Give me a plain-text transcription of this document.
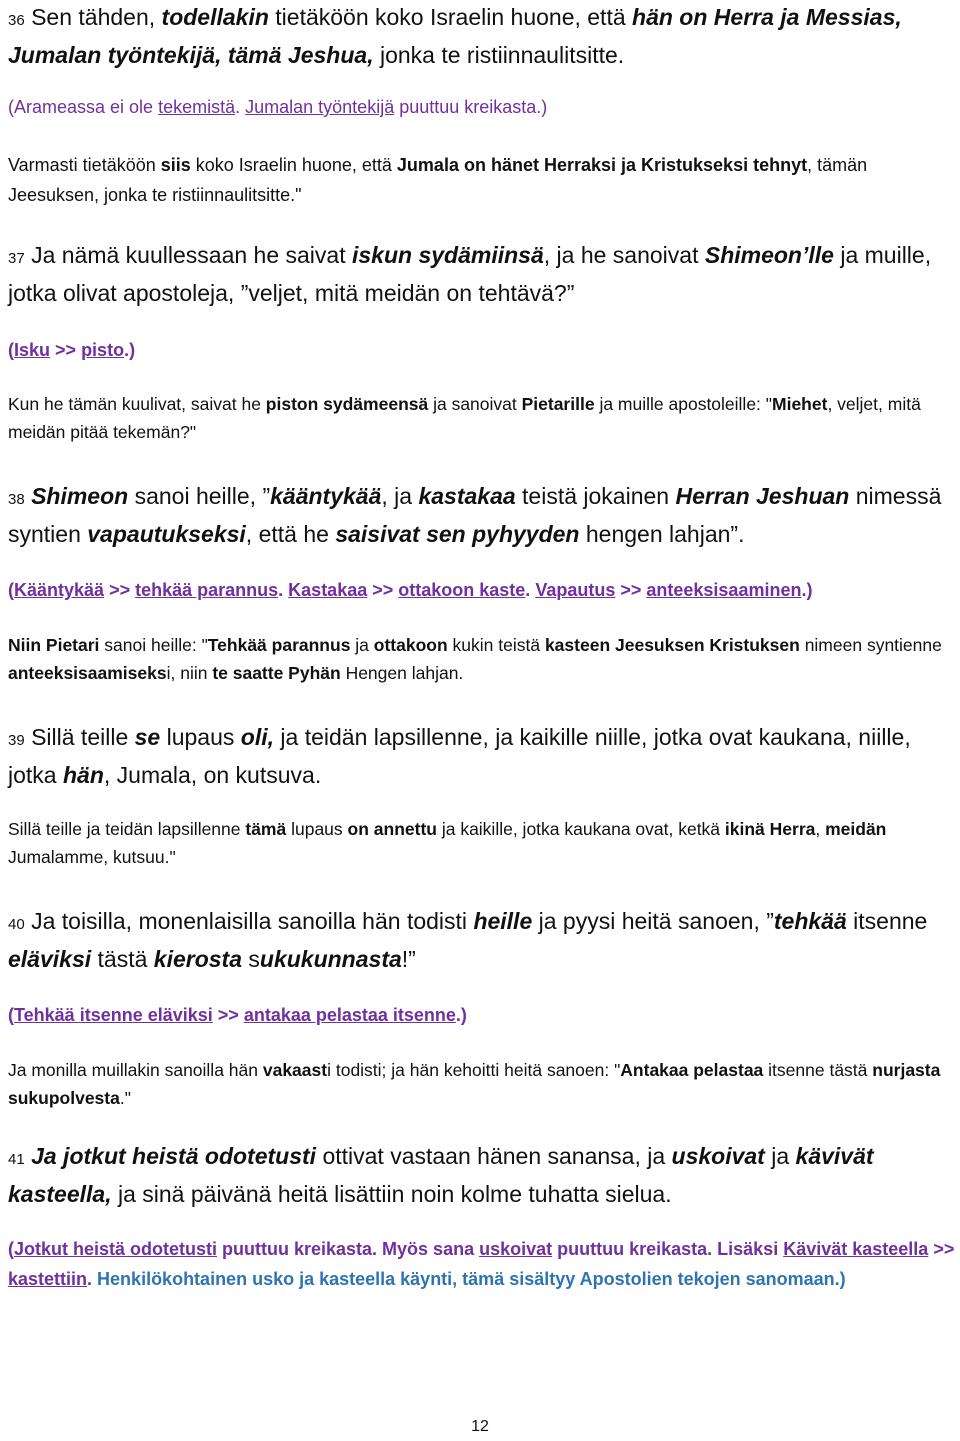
36 Sen tähden, todellakin tietäköön koko Israelin huone, että hän on Herra ja Messias, Jumalan työntekijä, tämä Jeshua, jonka te ristiinnaulitsitte.

(Arameassa ei ole tekemistä. Jumalan työntekijä puuttuu kreikasta.)

Varmasti tietäköön siis koko Israelin huone, että Jumala on hänet Herraksi ja Kristukseksi tehnyt, tämän Jeesuksen, jonka te ristiinnaulitsitte."

37 Ja nämä kuullessaan he saivat iskun sydämiinsä, ja he sanoivat Shimeon’lle ja muille, jotka olivat apostoleja, ”veljet, mitä meidän on tehtävä?”

(Isku >> pisto.)

Kun he tämän kuulivat, saivat he piston sydämeensä ja sanoivat Pietarille ja muille apostoleille: "Miehet, veljet, mitä meidän pitää tekemän?"

38 Shimeon sanoi heille, ”kääntykää, ja kastakaa teistä jokainen Herran Jeshuan nimessä syntien vapautukseksi, että he saisivat sen pyhyyden hengen lahjan”.

(Kääntykää >> tehkää parannus. Kastakaa >> ottakoon kaste. Vapautus >> anteeksisaaminen.)

Niin Pietari sanoi heille: "Tehkää parannus ja ottakoon kukin teistä kasteen Jeesuksen Kristuksen nimeen syntienne anteeksisaamiseksi, niin te saatte Pyhän Hengen lahjan.

39 Sillä teille se lupaus oli, ja teidän lapsillenne, ja kaikille niille, jotka ovat kaukana, niille, jotka hän, Jumala, on kutsuva.

Sillä teille ja teidän lapsillenne tämä lupaus on annettu ja kaikille, jotka kaukana ovat, ketkä ikinä Herra, meidän Jumalamme, kutsuu."

40 Ja toisilla, monenlaisilla sanoilla hän todisti heille ja pyysi heitä sanoen, ”tehkää itsenne eläviksi tästä kierosta sukukunnasta!”

(Tehkää itsenne eläviksi >> antakaa pelastaa itsenne.)

Ja monilla muillakin sanoilla hän vakaasti todisti; ja hän kehoitti heitä sanoen: "Antakaa pelastaa itsenne tästä nurjasta sukupolvesta."

41 Ja jotkut heistä odotetusti ottivat vastaan hänen sanansa, ja uskoivat ja kävivät kasteella, ja sinä päivänä heitä lisättiin noin kolme tuhatta sielua.

(Jotkut heistä odotetusti puuttuu kreikasta. Myös sana uskoivat puuttuu kreikasta. Lisäksi Kävivät kasteella >> kastettiin. Henkilökohtainen usko ja kasteella käynti, tämä sisältyy Apostolien tekojen sanomaan.)

12
